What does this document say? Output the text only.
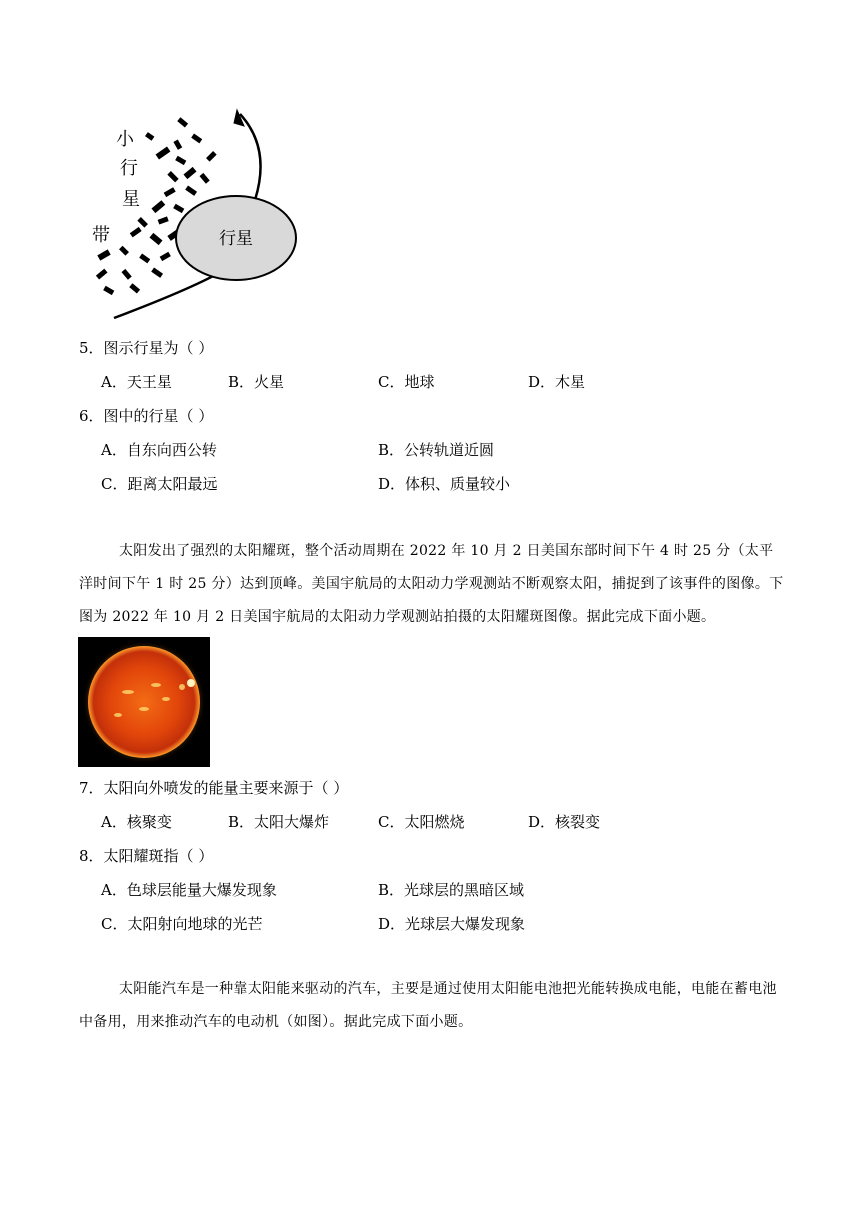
小
行
星
带	行星
5．图示行星为（ ）
A．天王星	B．火星	C．地球	D．木星
6．图中的行星（ ）
A．自东向西公转	B．公转轨道近圆
C．距离太阳最远	D．体积、质量较小
太阳发出了强烈的太阳耀斑，整个活动周期在 2022 年 10 月 2 日美国东部时间下午 4 时 25 分（太平洋时间下午 1 时 25 分）达到顶峰。美国宇航局的太阳动力学观测站不断观察太阳，捕捉到了该事件的图像。下图为 2022 年 10 月 2 日美国宇航局的太阳动力学观测站拍摄的太阳耀斑图像。据此完成下面小题。
7．太阳向外喷发的能量主要来源于（ ）
A．核聚变	B．太阳大爆炸	C．太阳燃烧	D．核裂变
8．太阳耀斑指（ ）
A．色球层能量大爆发现象	B．光球层的黑暗区域
C．太阳射向地球的光芒	D．光球层大爆发现象
太阳能汽车是一种靠太阳能来驱动的汽车，主要是通过使用太阳能电池把光能转换成电能，电能在蓄电池中备用，用来推动汽车的电动机（如图）。据此完成下面小题。
